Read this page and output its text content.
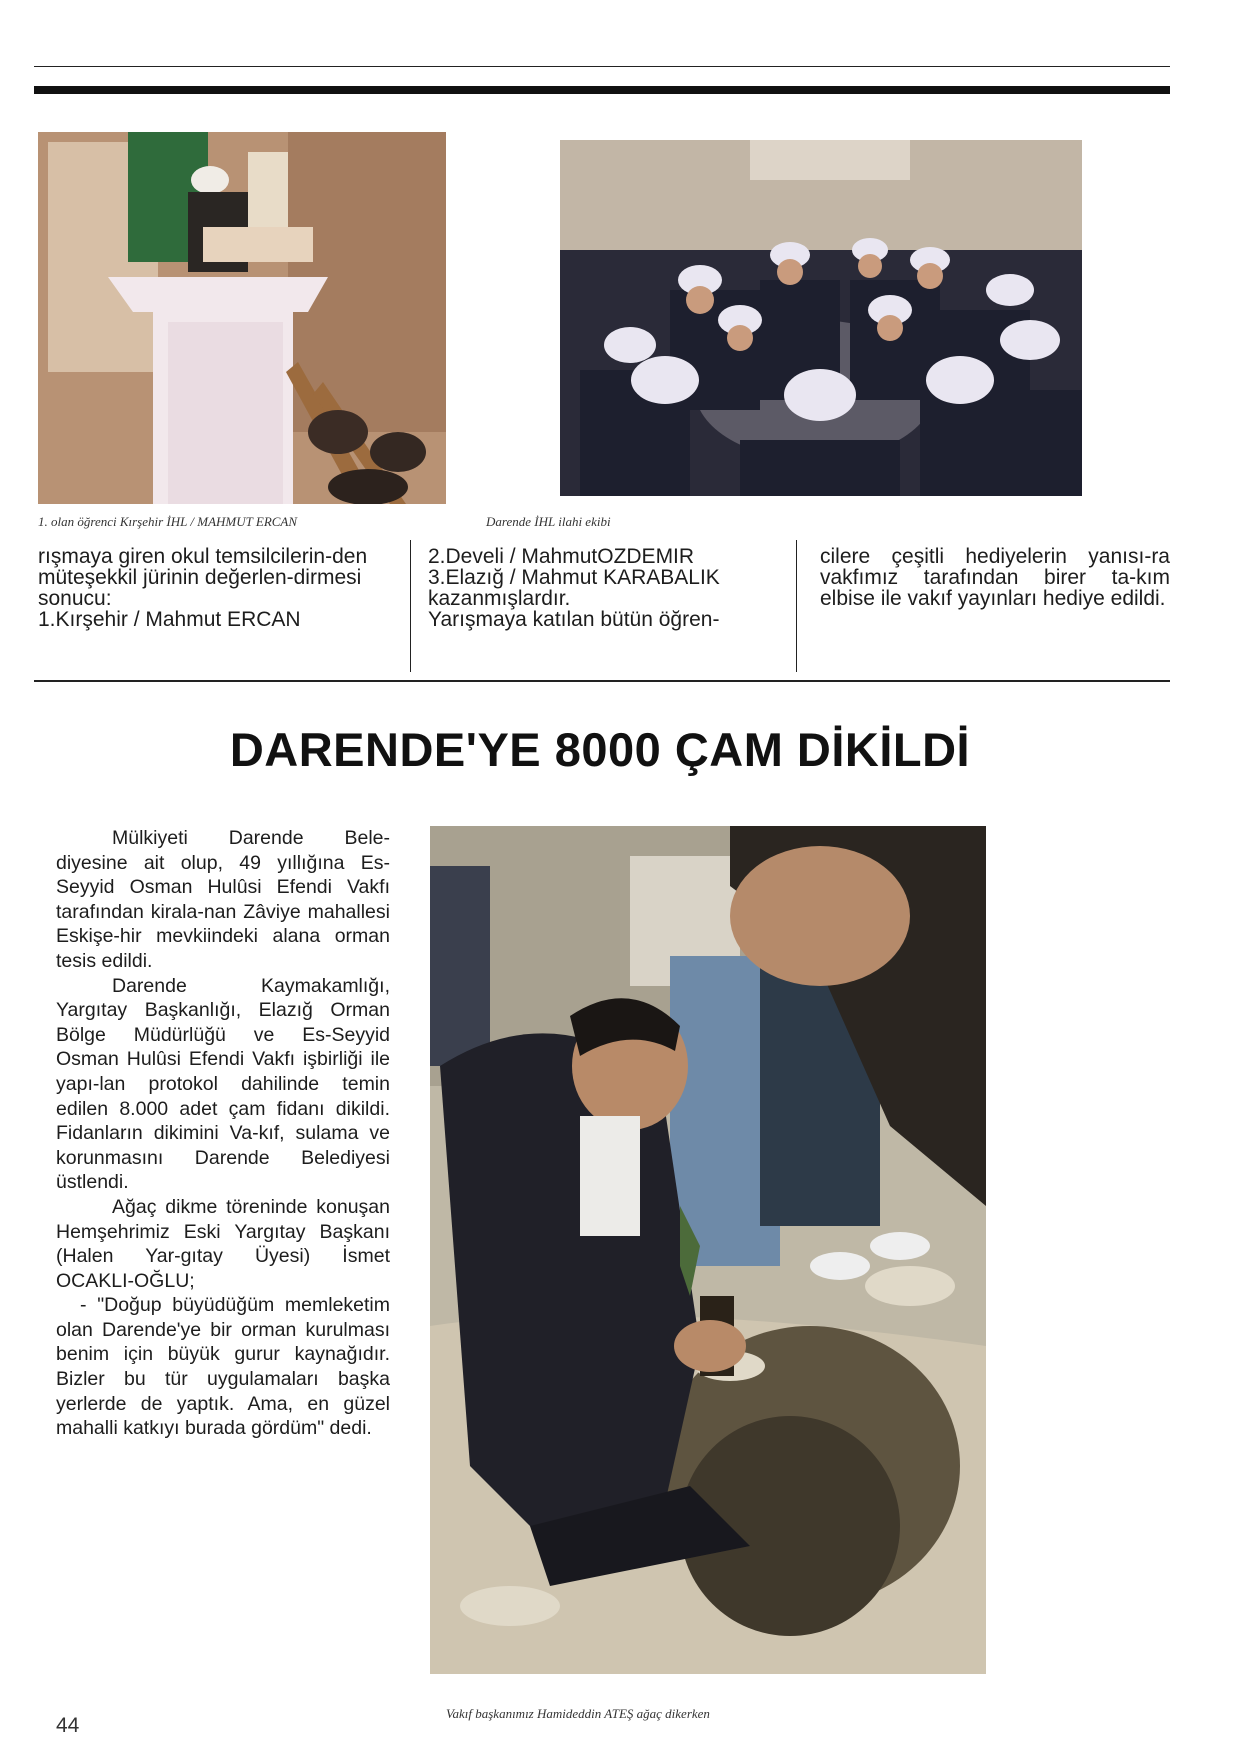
1. olan öğrenci Kırşehir İHL / MAHMUT ERCAN	Darende İHL ilahi ekibi

rışmaya giren okul temsilcilerin-den müteşekkil jürinin değerlen-dirmesi sonucu:

1.Kırşehir / Mahmut ERCAN

2.Develi / MahmutOZDEMIR

3.Elazığ / Mahmut KARABALIK

kazanmışlardır.

Yarışmaya katılan bütün öğren-

cilere çeşitli hediyelerin yanısı-ra vakfımız tarafından birer ta-kım elbise ile vakıf yayınları hediye edildi.

DARENDE'YE 8000 ÇAM DİKİLDİ

Mülkiyeti Darende Bele-diyesine ait olup, 49 yıllığına Es-Seyyid Osman Hulûsi Efendi Vakfı tarafından kirala-nan Zâviye mahallesi Eskişe-hir mevkiindeki alana orman tesis edildi.

Darende Kaymakamlığı, Yargıtay Başkanlığı, Elazığ Orman Bölge Müdürlüğü ve Es-Seyyid Osman Hulûsi Efendi Vakfı işbirliği ile yapı-lan protokol dahilinde temin edilen 8.000 adet çam fidanı dikildi. Fidanların dikimini Va-kıf, sulama ve korunmasını Darende Belediyesi üstlendi.

Ağaç dikme töreninde konuşan Hemşehrimiz Eski Yargıtay Başkanı (Halen Yar-gıtay Üyesi) İsmet OCAKLI-OĞLU;

- "Doğup büyüdüğüm memleketim olan Darende'ye bir orman kurulması benim için büyük gurur kaynağıdır. Bizler bu tür uygulamaları başka yerlerde de yaptık. Ama, en güzel mahalli katkıyı burada gördüm" dedi.

Vakıf başkanımız Hamideddin ATEŞ ağaç dikerken
44
